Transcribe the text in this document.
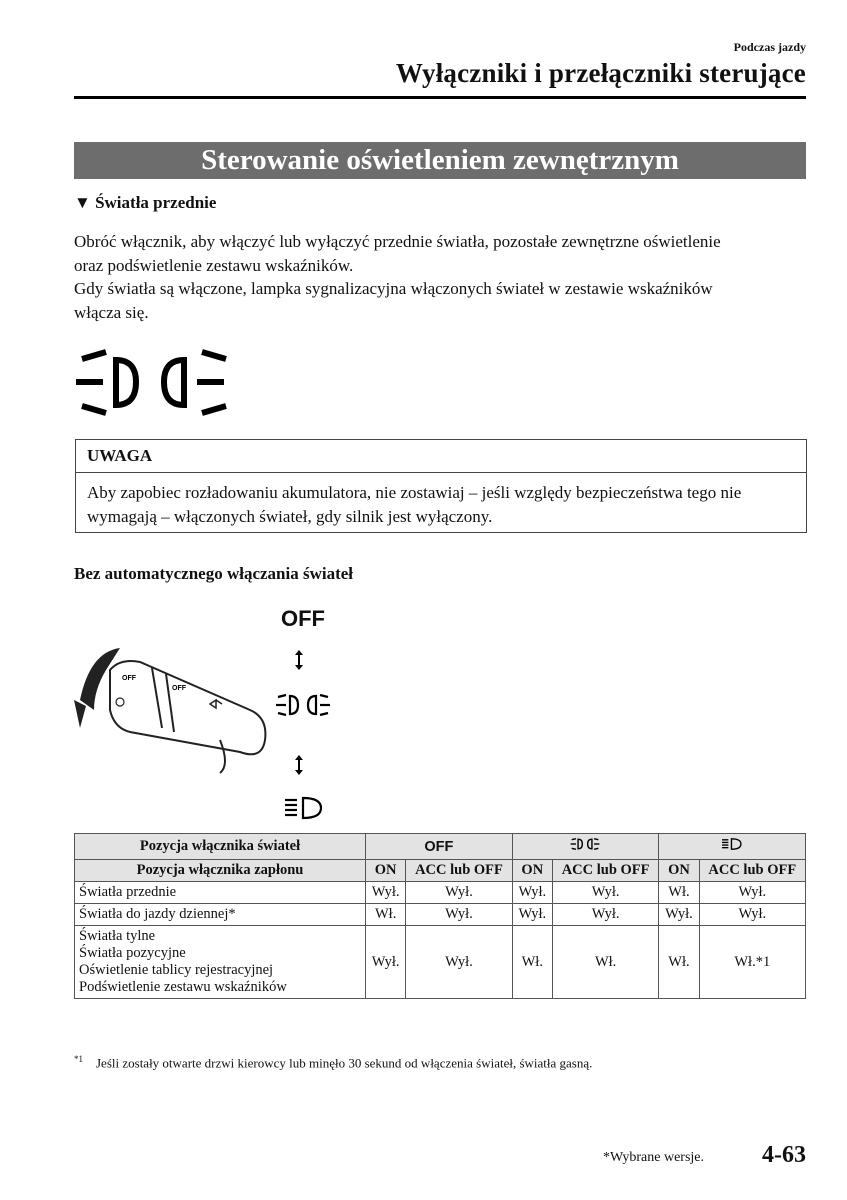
Podczas jazdy
Wyłączniki i przełączniki sterujące
Sterowanie oświetleniem zewnętrznym
▼ Światła przednie

Obróć włącznik, aby włączyć lub wyłączyć przednie światła, pozostałe zewnętrzne oświetlenie oraz podświetlenie zestawu wskaźników.

Gdy światła są włączone, lampka sygnalizacyjna włączonych świateł w zestawie wskaźników włącza się.

UWAGA
Aby zapobiec rozładowaniu akumulatora, nie zostawiaj – jeśli względy bezpieczeństwa tego nie wymagają – włączonych świateł, gdy silnik jest wyłączony.
Bez automatycznego włączania świateł
OFF
OFF
OFF
Pozycja włącznika świateł	OFF		
Pozycja włącznika zapłonu	ON	ACC lub OFF	ON	ACC lub OFF	ON	ACC lub OFF
Światła przednie	Wył.	Wył.	Wył.	Wył.	Wł.	Wył.
Światła do jazdy dziennej*	Wł.	Wył.	Wył.	Wył.	Wył.	Wył.

Światła tylne
Światła pozycyjne
Oświetlenie tablicy rejestracyjnej
Podświetlenie zestawu wskaźników	Wył.	Wył.	Wł.	Wł.	Wł.	Wł.*1
$^{*1}$ Jeśli zostały otwarte drzwi kierowcy lub minęło 30 sekund od włączenia świateł, światła gasną.
*Wybrane wersje. 4-63
